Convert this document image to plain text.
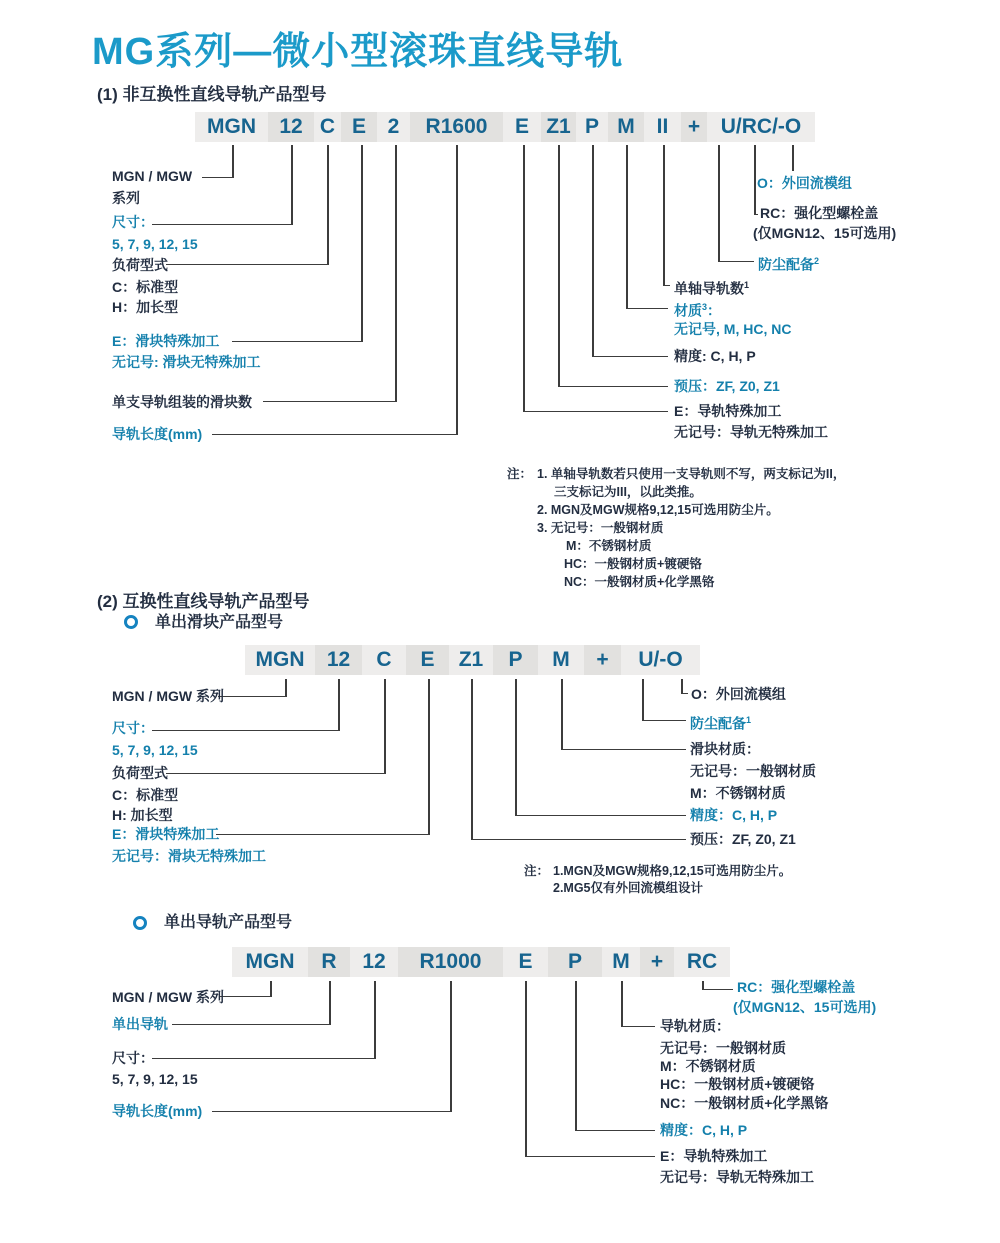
MG系列—微小型滚珠直线导轨
(1) 非互换性直线导轨产品型号
MGN	12 C E	2	R1600	E Z1 P M	II + U/RC/-O
MGN / MGW
系列
尺寸：
5, 7, 9, 12, 15
负荷型式
C：标准型
H：加长型
E：滑块特殊加工
无记号: 滑块无特殊加工
单支导轨组装的滑块数
导轨长度(mm)
O：外回流模组
RC：强化型螺栓盖
(仅MGN12、15可选用)
防尘配备$^2$
单轴导轨数$^1$
材质$^3$：
无记号, M, HC, NC
精度: C, H, P
预压：ZF, Z0, Z1
E：导轨特殊加工
无记号：导轨无特殊加工
注： 1. 单轴导轨数若只使用一支导轨则不写，两支标记为II，
三支标记为III，以此类推。
2. MGN及MGW规格9,12,15可选用防尘片。
3. 无记号：一般钢材质
M：不锈钢材质
HC：一般钢材质+镀硬铬
NC：一般钢材质+化学黑铬
(2) 互换性直线导轨产品型号
单出滑块产品型号
MGN	12	C	E	Z1	P	M	+	U/-O
MGN / MGW 系列
尺寸：
5, 7, 9, 12, 15
负荷型式
C：标准型
H: 加长型
E：滑块特殊加工
无记号：滑块无特殊加工
O：外回流模组
防尘配备$^1$
滑块材质：
无记号：一般钢材质
M：不锈钢材质
精度：C, H, P
预压：ZF, Z0, Z1
注： 1.MGN及MGW规格9,12,15可选用防尘片。
2.MG5仅有外回流模组设计
单出导轨产品型号
MGN	R	12	R1000	E	P	M	+	RC
MGN / MGW 系列
单出导轨
尺寸：
5, 7, 9, 12, 15
导轨长度(mm)
RC：强化型螺栓盖
(仅MGN12、15可选用)
导轨材质：
无记号：一般钢材质
M：不锈钢材质
HC：一般钢材质+镀硬铬
NC：一般钢材质+化学黑铬
精度：C, H, P
E：导轨特殊加工
无记号：导轨无特殊加工
